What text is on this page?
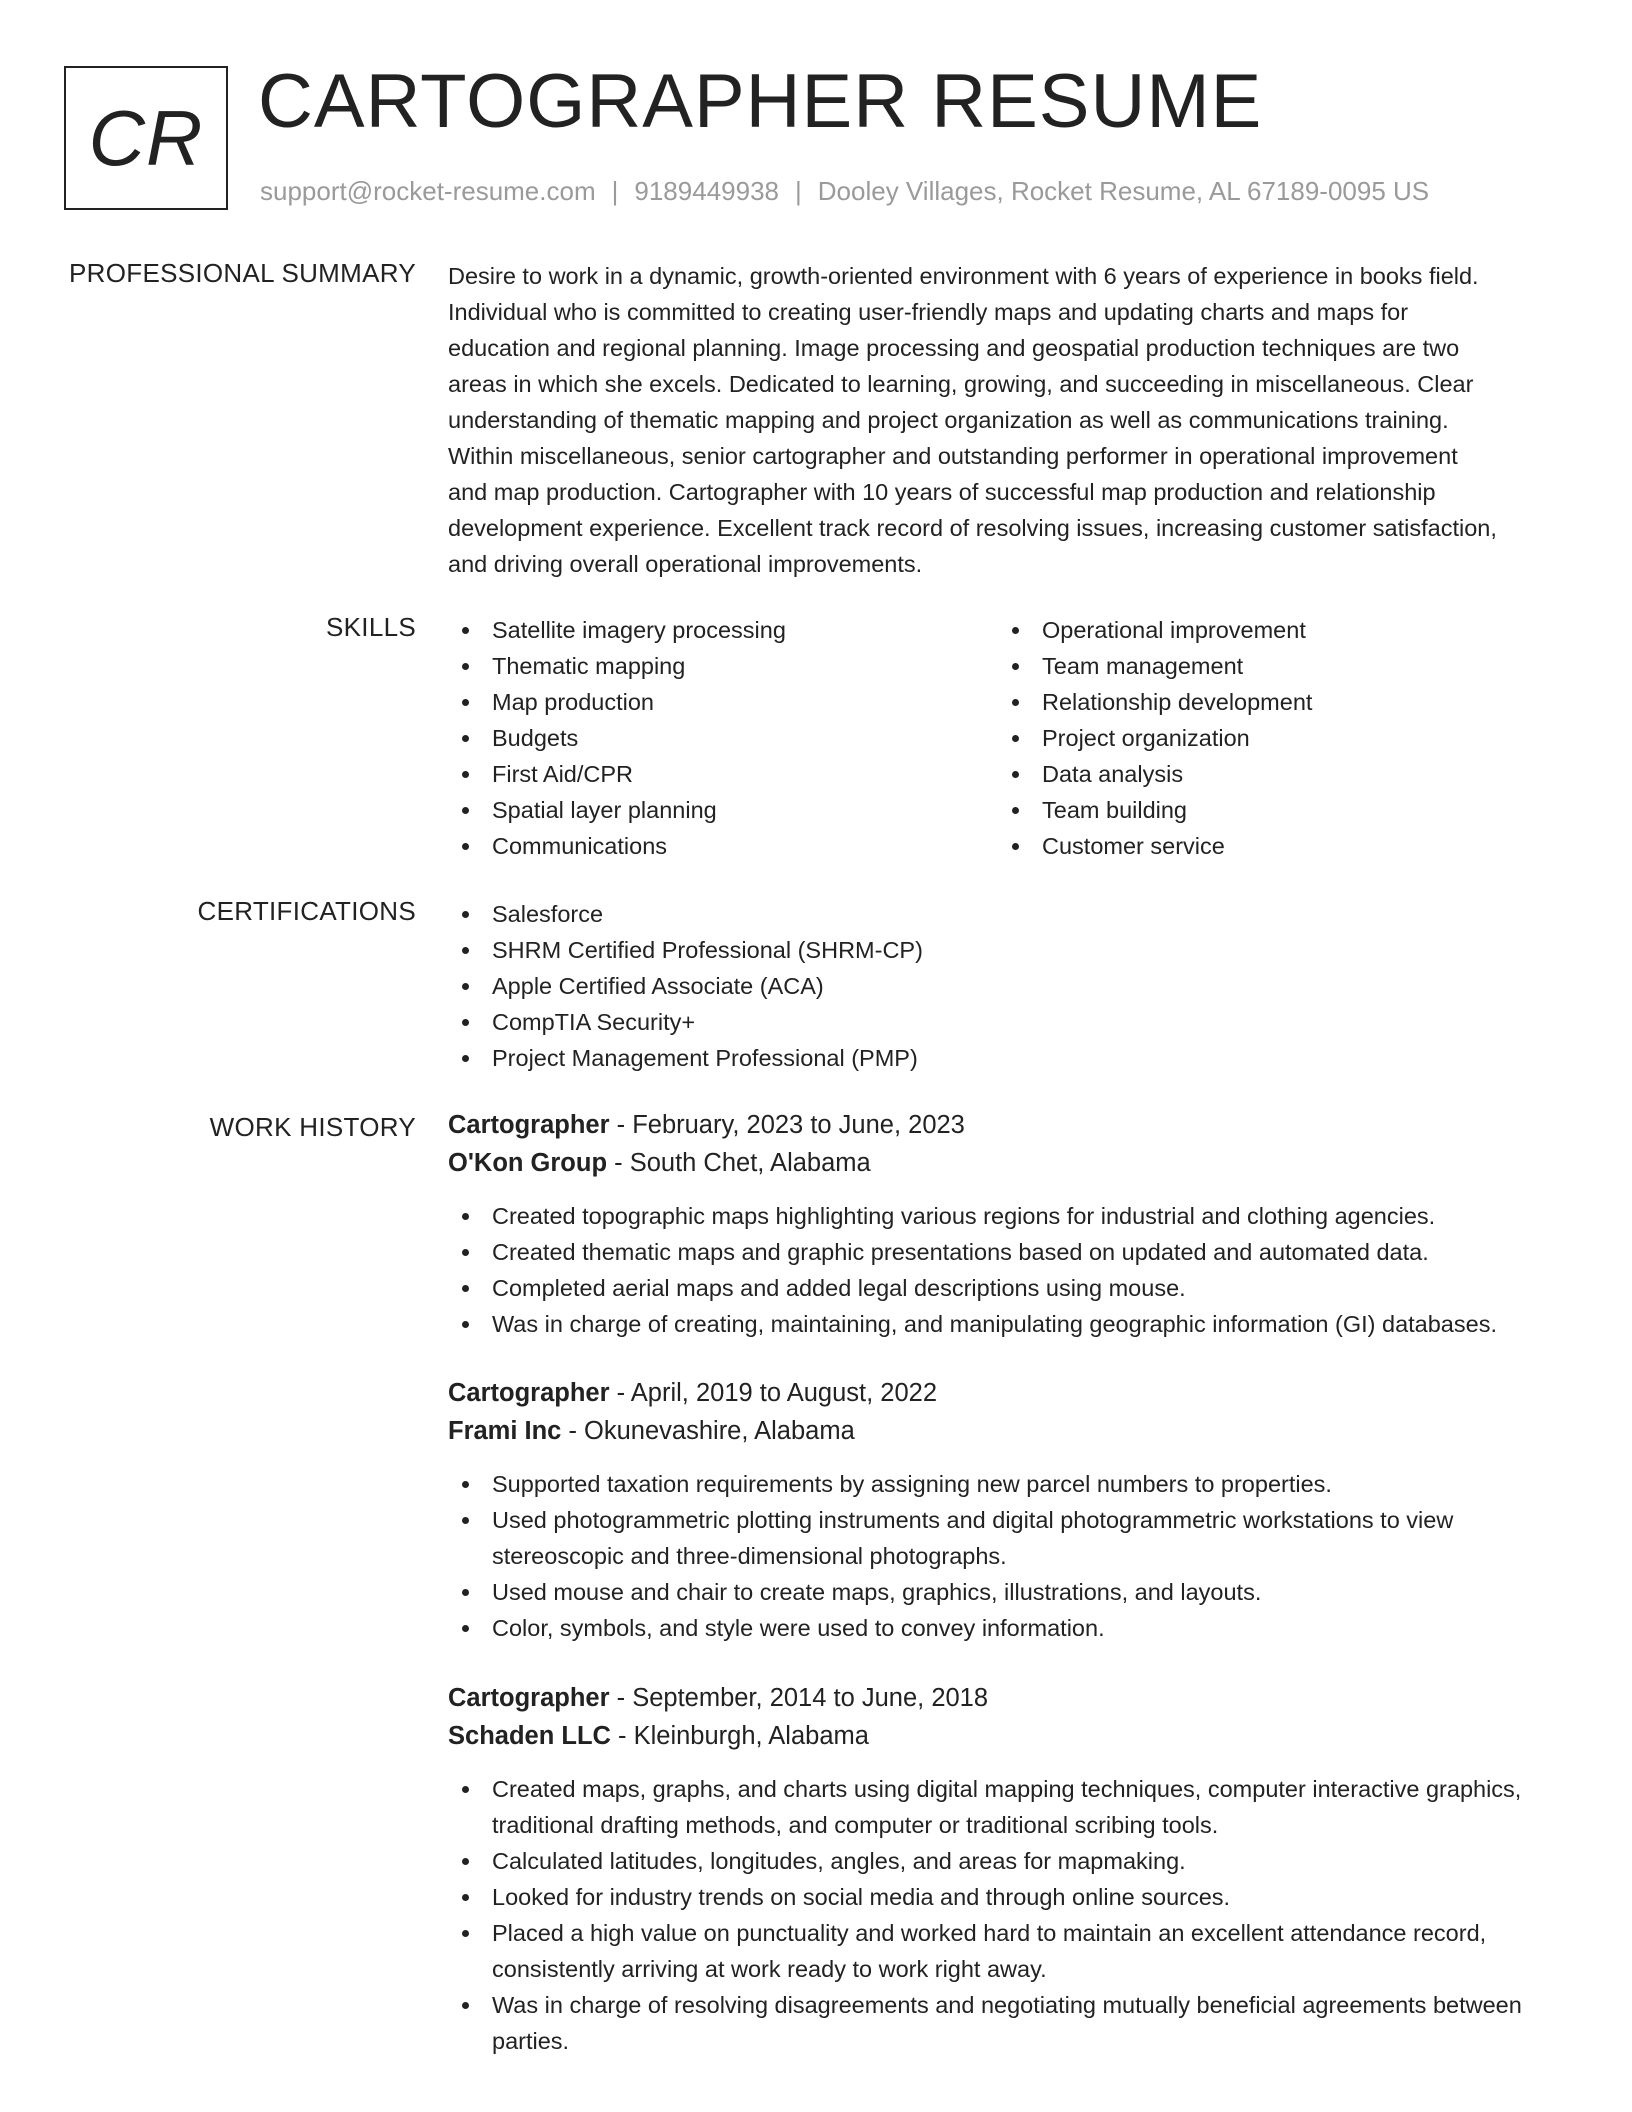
CR CARTOGRAPHER RESUME
support@rocket-resume.com | 9189449938 | Dooley Villages, Rocket Resume, AL 67189-0095 US
PROFESSIONAL SUMMARY Desire to work in a dynamic, growth-oriented environment with 6 years of experience in books field.
Individual who is committed to creating user-friendly maps and updating charts and maps for
education and regional planning. Image processing and geospatial production techniques are two
areas in which she excels. Dedicated to learning, growing, and succeeding in miscellaneous. Clear
understanding of thematic mapping and project organization as well as communications training.
Within miscellaneous, senior cartographer and outstanding performer in operational improvement
and map production. Cartographer with 10 years of successful map production and relationship
development experience. Excellent track record of resolving issues, increasing customer satisfaction,
and driving overall operational improvements.
SKILLS	Satellite imagery processing
Thematic mapping
Map production
Budgets
First Aid/CPR
Spatial layer planning
Communications
Operational improvement
Team management
Relationship development
Project organization
Data analysis
Team building
Customer service
CERTIFICATIONS	Salesforce
SHRM Certified Professional (SHRM-CP)
Apple Certified Associate (ACA)
CompTIA Security+
Project Management Professional (PMP)
WORK HISTORY Cartographer - February, 2023 to June, 2023
O'Kon Group - South Chet, Alabama
Created topographic maps highlighting various regions for industrial and clothing agencies.
Created thematic maps and graphic presentations based on updated and automated data.
Completed aerial maps and added legal descriptions using mouse.
Was in charge of creating, maintaining, and manipulating geographic information (GI) databases.
Cartographer - April, 2019 to August, 2022
Frami Inc - Okunevashire, Alabama
Supported taxation requirements by assigning new parcel numbers to properties.
Used photogrammetric plotting instruments and digital photogrammetric workstations to view stereoscopic and three-dimensional photographs.
Used mouse and chair to create maps, graphics, illustrations, and layouts.
Color, symbols, and style were used to convey information.
Cartographer - September, 2014 to June, 2018
Schaden LLC - Kleinburgh, Alabama
Created maps, graphs, and charts using digital mapping techniques, computer interactive graphics, traditional drafting methods, and computer or traditional scribing tools.
Calculated latitudes, longitudes, angles, and areas for mapmaking.
Looked for industry trends on social media and through online sources.
Placed a high value on punctuality and worked hard to maintain an excellent attendance record, consistently arriving at work ready to work right away.
Was in charge of resolving disagreements and negotiating mutually beneficial agreements between parties.
